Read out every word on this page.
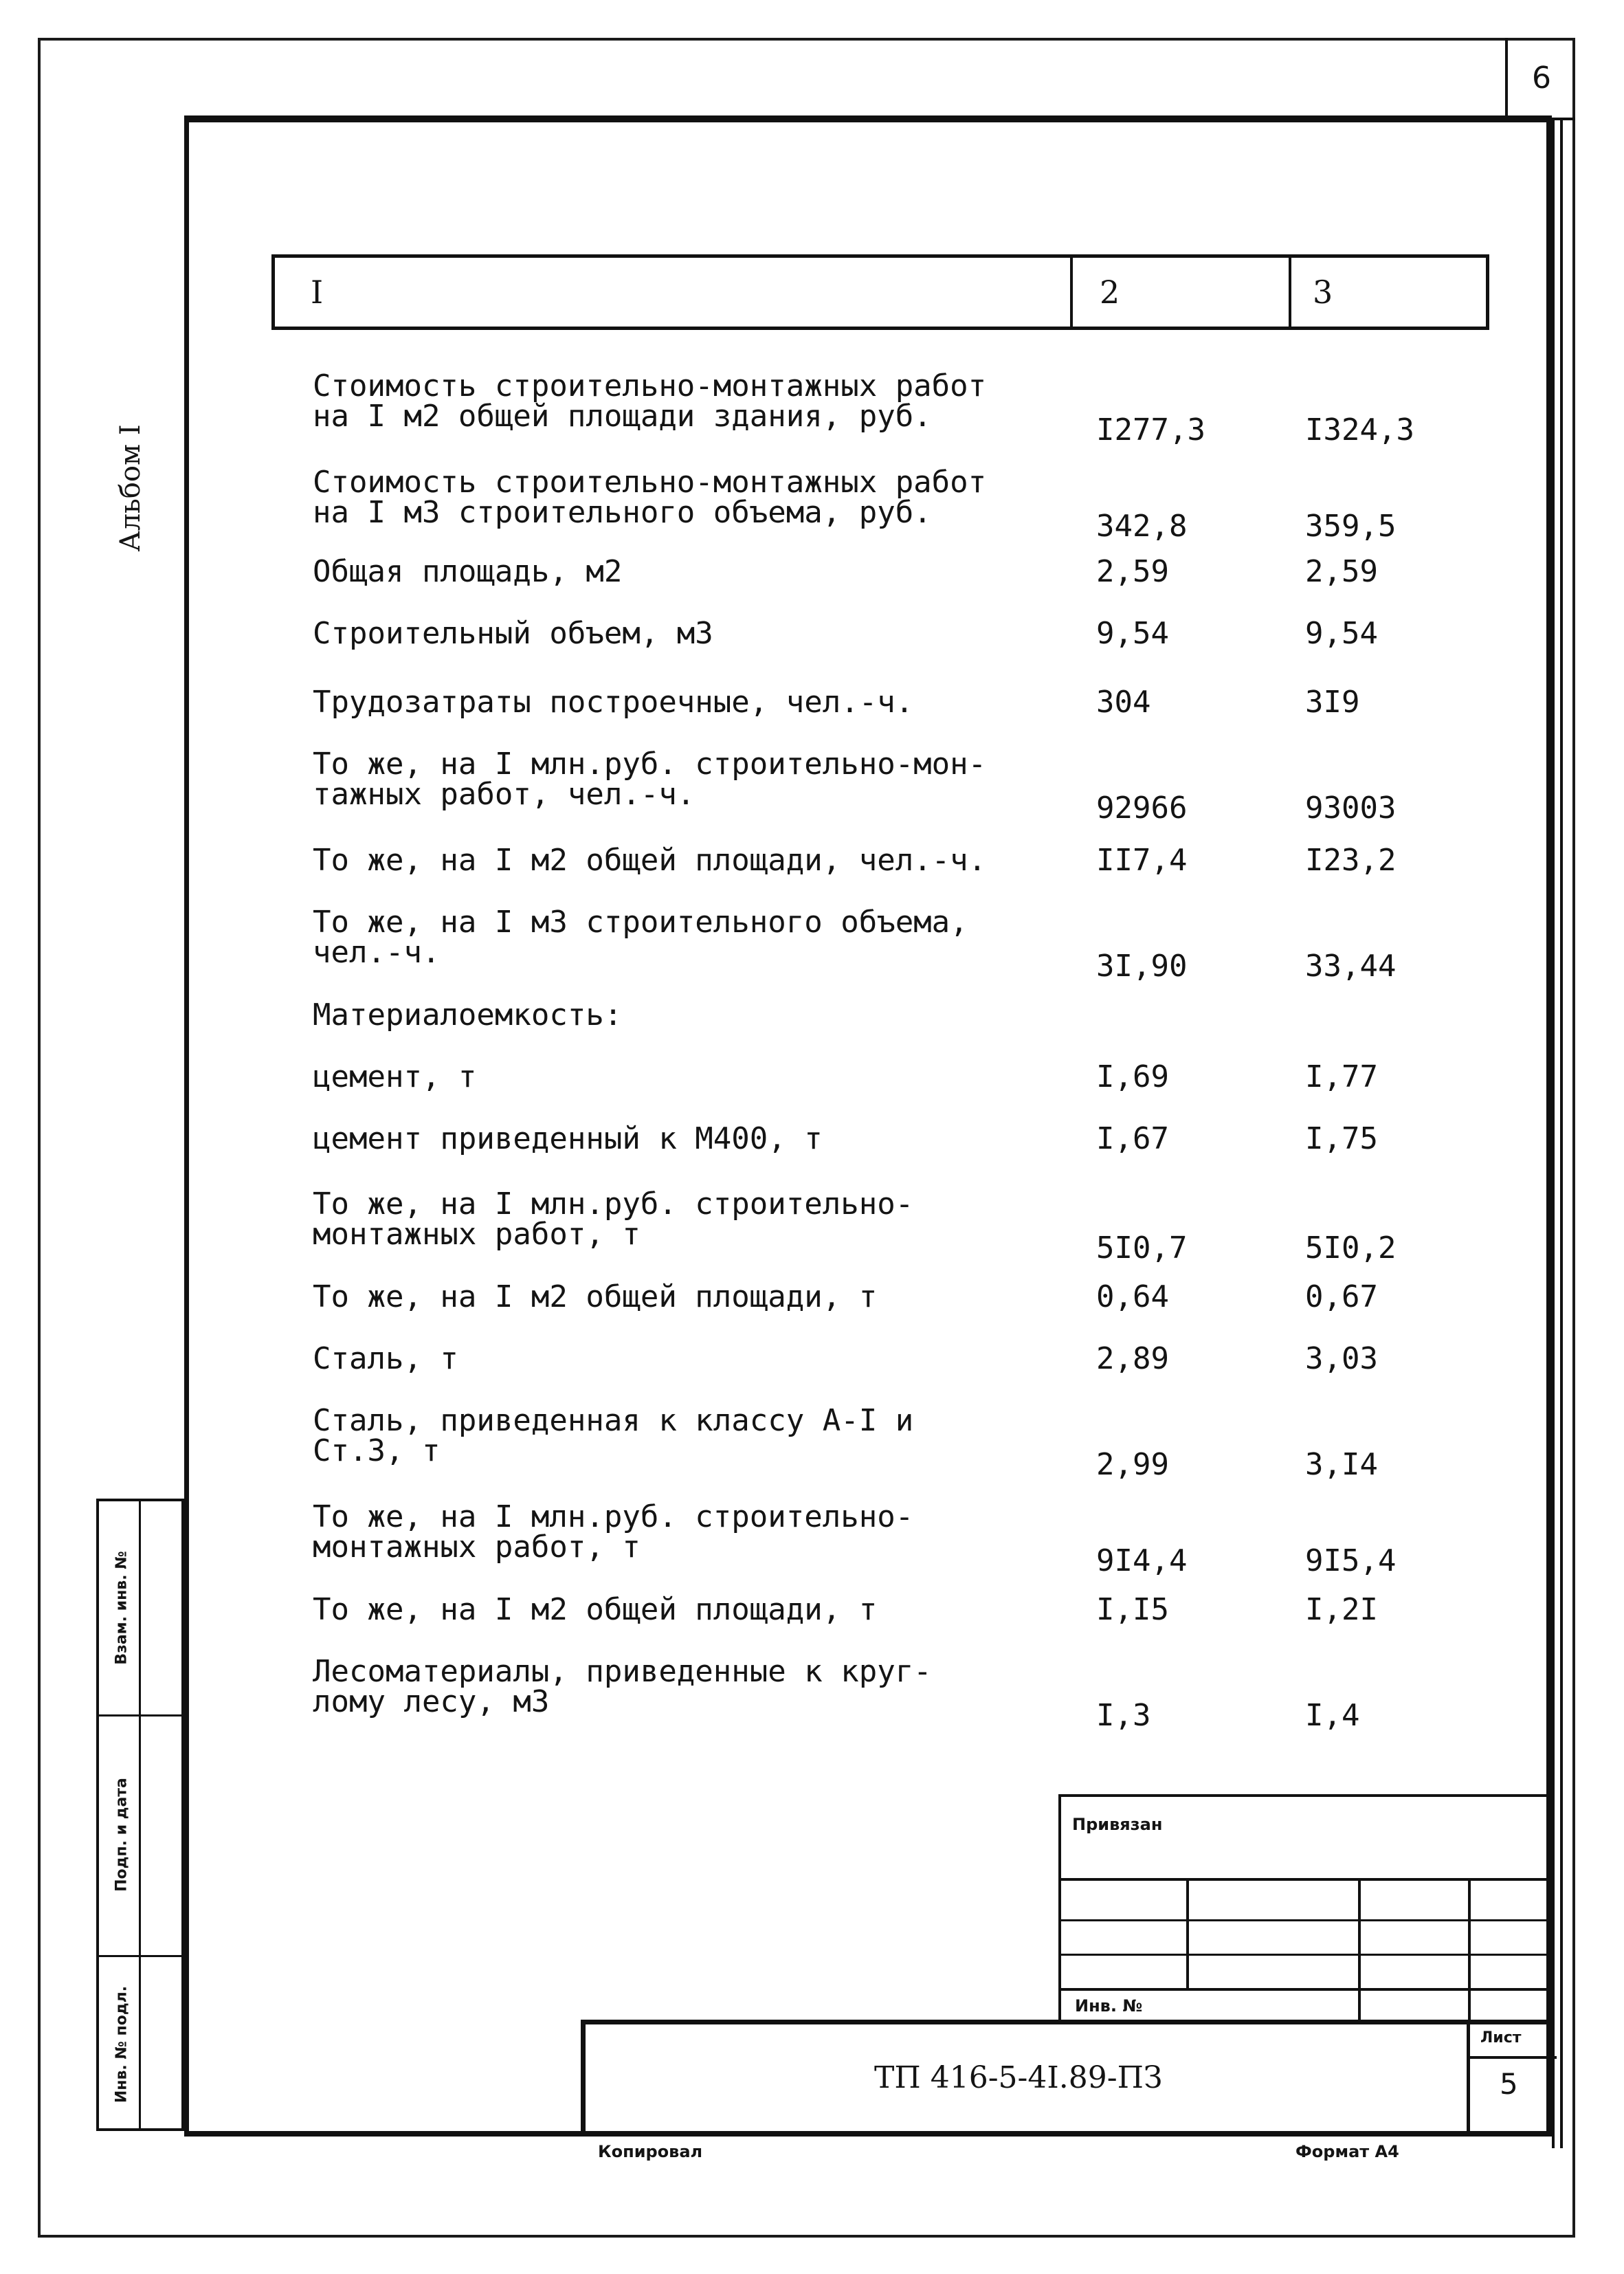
6
Альбом I
I	2	3
Стоимость строительно-монтажных работ
на I м2 общей площади здания, руб.	I277,3	I324,3
Стоимость строительно-монтажных работ
на I м3 строительного объема, руб.	342,8	359,5
Общая площадь, м2	2,59	2,59
Строительный объем, м3	9,54	9,54
Трудозатраты построечные, чел.-ч.	304	3I9
То же, на I млн.руб. строительно-мон-
тажных работ, чел.-ч.	92966	93003
То же, на I м2 общей площади, чел.-ч.	II7,4	I23,2
То же, на I м3 строительного объема,
чел.-ч.	3I,90	33,44
Материалоемкость:
цемент, т	I,69	I,77
цемент приведенный к М400, т	I,67	I,75
То же, на I млн.руб. строительно-
монтажных работ, т	5I0,7	5I0,2
То же, на I м2 общей площади, т	0,64	0,67
Сталь, т	2,89	3,03
Сталь, приведенная к классу А-I и
Ст.3, т	2,99	3,I4
То же, на I млн.руб. строительно-
монтажных работ, т	9I4,4	9I5,4
То же, на I м2 общей площади, т	I,I5	I,2I
Лесоматериалы, приведенные к круг-
лому лесу, м3	I,3	I,4
Инв. № подл.
Подп. и дата
Взам. инв. №
Привязан
Инв. №
Лист
ТП 416-5-4I.89-ПЗ	5
Копировал	Формат А4
